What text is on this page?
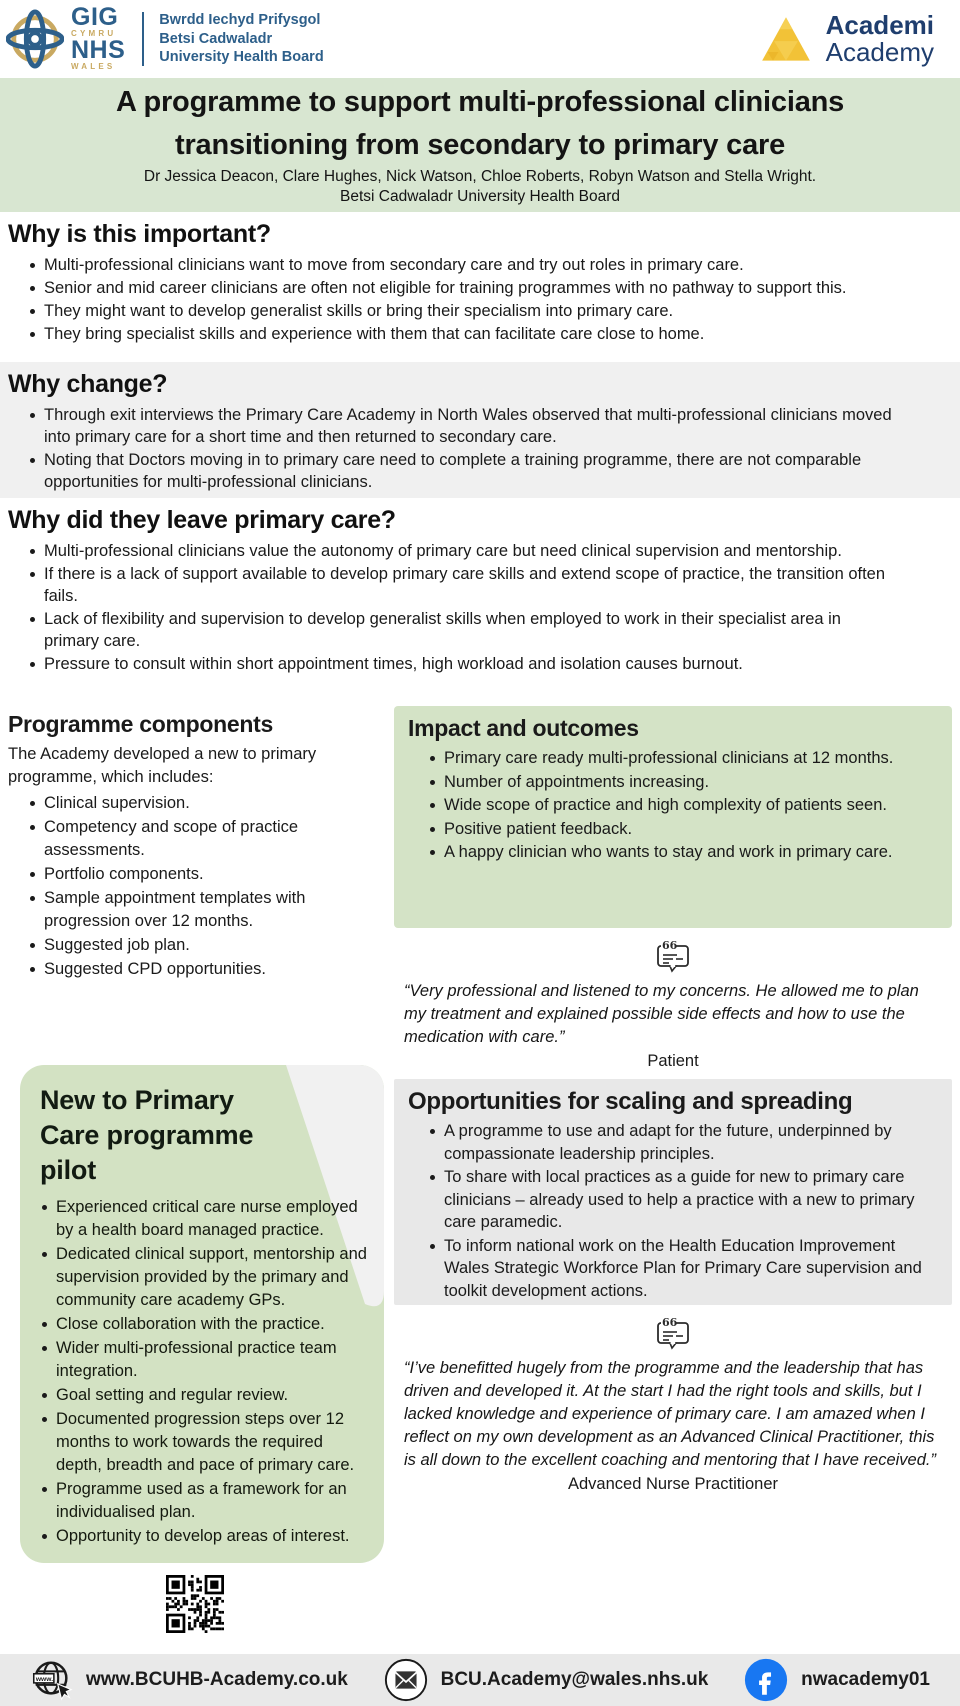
GIG
CYMRU
NHS
WALES
Bwrdd Iechyd Prifysgol
Betsi Cadwaladr
University Health Board
Academi
Academy
A programme to support multi-professional clinicians
transitioning from secondary to primary care
Dr Jessica Deacon, Clare Hughes, Nick Watson, Chloe Roberts, Robyn Watson and Stella Wright.
Betsi Cadwaladr University Health Board
Why is this important?
Multi-professional clinicians want to move from secondary care and try out roles in primary care.
Senior and mid career clinicians are often not eligible for training programmes with no pathway to support this.
They might want to develop generalist skills or bring their specialism into primary care.
They bring specialist skills and experience with them that can facilitate care close to home.
Why change?
Through exit interviews the Primary Care Academy in North Wales observed that multi-professional clinicians moved into primary care for a short time and then returned to secondary care.
Noting that Doctors moving in to primary care need to complete a training programme, there are not comparable opportunities for multi-professional clinicians.
Why did they leave primary care?
Multi-professional clinicians value the autonomy of primary care but need clinical supervision and mentorship.
If there is a lack of support available to develop primary care skills and extend scope of practice, the transition often fails.
Lack of flexibility and supervision to develop generalist skills when employed to work in their specialist area in primary care.
Pressure to consult within short appointment times, high workload and isolation causes burnout.
Programme components

The Academy developed a new to primary programme, which includes:

Clinical supervision.
Competency and scope of practice assessments.
Portfolio components.
Sample appointment templates with progression over 12 months.
Suggested job plan.
Suggested CPD opportunities.
New to Primary Care programme pilot
Experienced critical care nurse employed by a health board managed practice.
Dedicated clinical support, mentorship and supervision provided by the primary and community care academy GPs.
Close collaboration with the practice.
Wider multi-professional practice team integration.
Goal setting and regular review.
Documented progression steps over 12 months to work towards the required depth, breadth and pace of primary care.
Programme used as a framework for an individualised plan.
Opportunity to develop areas of interest.
Impact and outcomes
Primary care ready multi-professional clinicians at 12 months.
Number of appointments increasing.
Wide scope of practice and high complexity of patients seen.
Positive patient feedback.
A happy clinician who wants to stay and work in primary care.
66
“Very professional and listened to my concerns. He allowed me to plan my treatment and explained possible side effects and how to use the medication with care.”
Patient
Opportunities for scaling and spreading
A programme to use and adapt for the future, underpinned by compassionate leadership principles.
To share with local practices as a guide for new to primary care clinicians – already used to help a practice with a new to primary care paramedic.
To inform national work on the Health Education Improvement Wales Strategic Workforce Plan for Primary Care supervision and toolkit development actions.
66
“I’ve benefitted hugely from the programme and the leadership that has driven and developed it. At the start I had the right tools and skills, but I lacked knowledge and experience of primary care. I am amazed when I reflect on my own development as an Advanced Clinical Practitioner, this is all down to the excellent coaching and mentoring that I have received.”
Advanced Nurse Practitioner
www. www.BCUHB-Academy.co.uk	BCU.Academy@wales.nhs.uk	nwacademy01
